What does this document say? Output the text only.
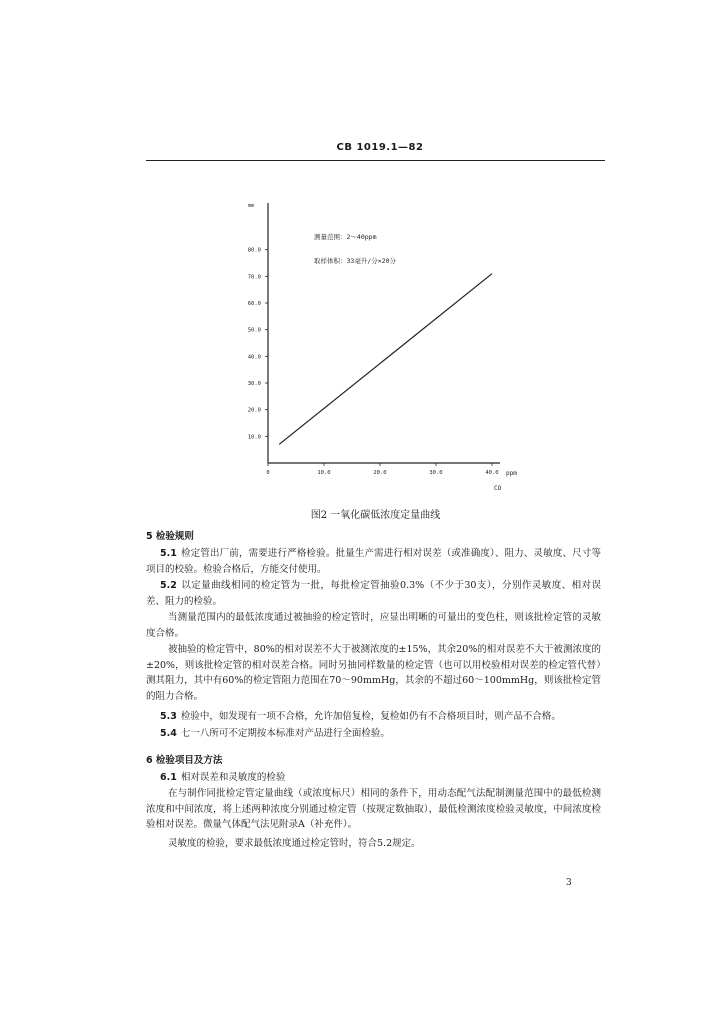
CB 1019.1—82
mm
10.0
20.0
30.0
40.0
50.0
60.0
70.0
80.0
0	10.0	20.0	30.0	40.0 ppm
CO
测量范围：2～40ppm
取样体积：33毫升/分×20分
图2 一氧化碳低浓度定量曲线
5 检验规则

5.1 检定管出厂前，需要进行严格检验。批量生产需进行相对误差（或准确度）、阻力、灵敏度、尺寸等项目的校验。检验合格后，方能交付使用。

5.2 以定量曲线相同的检定管为一批，每批检定管抽验0.3%（不少于30支），分别作灵敏度、相对误差、阻力的检验。

当测量范围内的最低浓度通过被抽验的检定管时，应显出明晰的可量出的变色柱，则该批检定管的灵敏度合格。

被抽验的检定管中，80%的相对误差不大于被测浓度的±15%，其余20%的相对误差不大于被测浓度的±20%，则该批检定管的相对误差合格。同时另抽同样数量的检定管（也可以用校验相对误差的检定管代替）测其阻力，其中有60%的检定管阻力范围在70～90mmHg，其余的不超过60～100mmHg，则该批检定管的阻力合格。

5.3 检验中，如发现有一项不合格，允许加倍复检，复检如仍有不合格项目时，则产品不合格。

5.4 七一八所可不定期按本标准对产品进行全面检验。

6 检验项目及方法

6.1 相对误差和灵敏度的检验

在与制作同批检定管定量曲线（或浓度标尺）相同的条件下，用动态配气法配制测量范围中的最低检测浓度和中间浓度，将上述两种浓度分别通过检定管（按规定数抽取），最低检测浓度检验灵敏度，中间浓度检验相对误差。微量气体配气法见附录A（补充件）。

灵敏度的检验，要求最低浓度通过检定管时，符合5.2规定。

3
